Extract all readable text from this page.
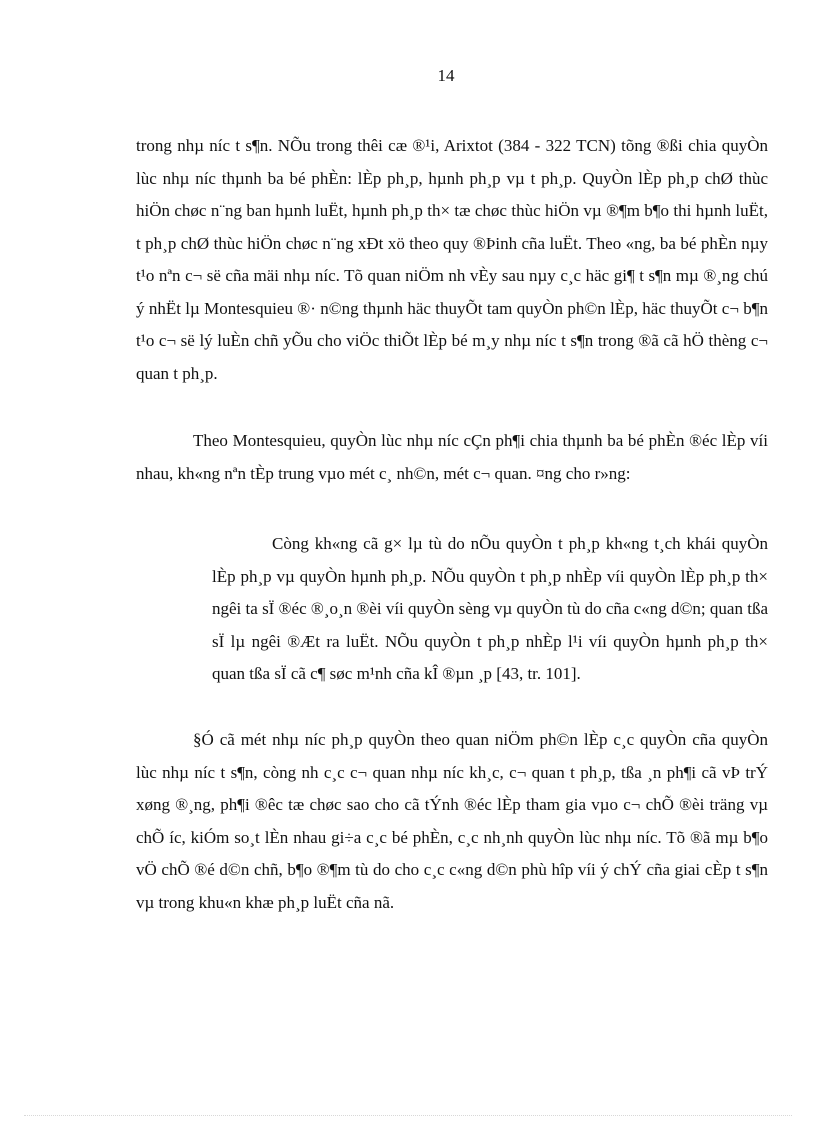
14

trong nhµ níc t s¶n. NÕu trong thêi cæ ®¹i, Arixtot (384 - 322 TCN) tõng ®ßi chia quyÒn lùc nhµ níc thµnh ba bé phÈn: lÈp ph¸p, hµnh ph¸p vµ t ph¸p. QuyÒn lÈp ph¸p chØ thùc hiÖn chøc n¨ng ban hµnh luËt, hµnh ph¸p th× tæ chøc thùc hiÖn vµ ®¶m b¶o thi hµnh luËt, t ph¸p chØ thùc hiÖn chøc n¨ng xÐt xö theo quy ®Þinh cña luËt. Theo «ng, ba bé phÈn nµy t¹o nªn c¬ së cña mäi nhµ níc. Tõ quan niÖm nh vÈy sau nµy c¸c häc gi¶ t s¶n mµ ®¸ng chú ý nhËt lµ Montesquieu ®· n©ng thµnh häc thuyÕt tam quyÒn ph©n lÈp, häc thuyÕt c¬ b¶n t¹o c¬ së lý luÈn chñ yÕu cho viÖc thiÕt lÈp bé m¸y nhµ níc t s¶n trong ®ã cã hÖ thèng c¬ quan t ph¸p.

Theo Montesquieu, quyÒn lùc nhµ níc cÇn ph¶i chia thµnh ba bé phÈn ®éc lÈp víi nhau, kh«ng nªn tÈp trung vµo mét c¸ nh©n, mét c¬ quan. ¤ng cho r»ng:

Còng kh«ng cã g× lµ tù do nÕu quyÒn t ph¸p kh«ng t¸ch khái quyÒn lÈp ph¸p vµ quyÒn hµnh ph¸p. NÕu quyÒn t ph¸p nhÈp víi quyÒn lÈp ph¸p th× ngêi ta sÏ ®éc ®¸o¸n ®èi víi quyÒn sèng vµ quyÒn tù do cña c«ng d©n; quan tßa sÏ lµ ngêi ®Æt ra luËt. NÕu quyÒn t ph¸p nhÈp l¹i víi quyÒn hµnh ph¸p th× quan tßa sÏ cã c¶ søc m¹nh cña kÎ ®µn ¸p [43, tr. 101].

§Ó cã mét nhµ níc ph¸p quyÒn theo quan niÖm ph©n lÈp c¸c quyÒn cña quyÒn lùc nhµ níc t s¶n, còng nh c¸c c¬ quan nhµ níc kh¸c, c¬ quan t ph¸p, tßa ¸n ph¶i cã vÞ trÝ xøng ®¸ng, ph¶i ®êc tæ chøc sao cho cã tÝnh ®éc lÈp tham gia vµo c¬ chÕ ®èi träng vµ chÕ íc, kiÓm so¸t lÈn nhau gi÷a c¸c bé phÈn, c¸c nh¸nh quyÒn lùc nhµ níc. Tõ ®ã mµ b¶o vÖ chÕ ®é d©n chñ, b¶o ®¶m tù do cho c¸c c«ng d©n phù hîp víi ý chÝ cña giai cÈp t s¶n vµ trong khu«n khæ ph¸p luËt cña nã.
